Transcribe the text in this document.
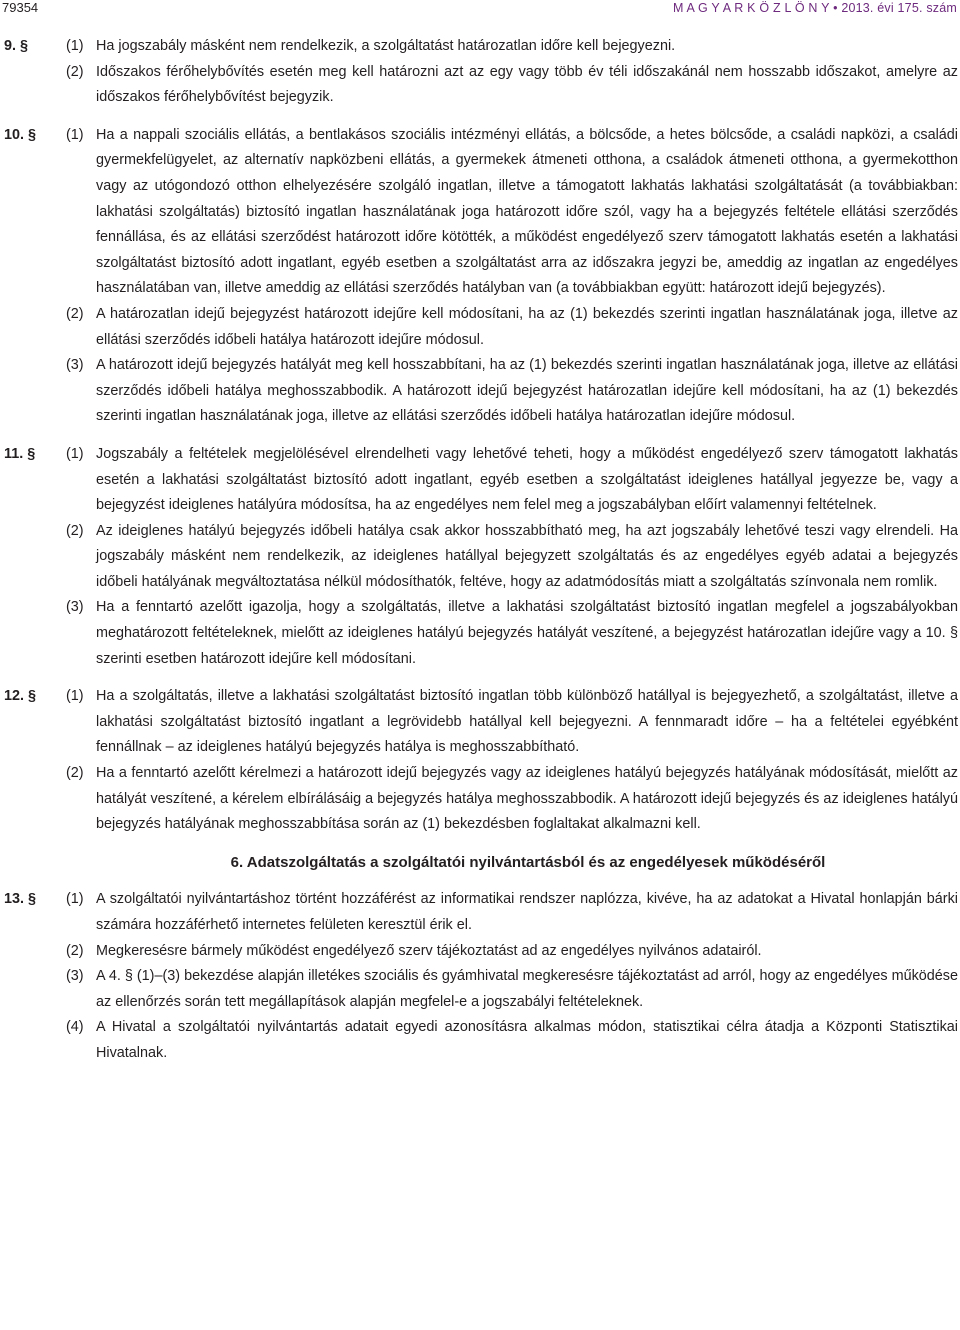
79354	M A G Y A R K Ö Z L Ö N Y • 2013. évi 175. szám
9. §	(1) Ha jogszabály másként nem rendelkezik, a szolgáltatást határozatlan időre kell bejegyezni.
(2) Időszakos férőhelybővítés esetén meg kell határozni azt az egy vagy több év téli időszakánál nem hosszabb időszakot, amelyre az időszakos férőhelybővítést bejegyzik.
10. § (1) Ha a nappali szociális ellátás, a bentlakásos szociális intézményi ellátás, a bölcsőde, a hetes bölcsőde, a családi napközi, a családi gyermekfelügyelet, az alternatív napközbeni ellátás, a gyermekek átmeneti otthona, a családok átmeneti otthona, a gyermekotthon vagy az utógondozó otthon elhelyezésére szolgáló ingatlan, illetve a támogatott lakhatás lakhatási szolgáltatását (a továbbiakban: lakhatási szolgáltatás) biztosító ingatlan használatának joga határozott időre szól, vagy ha a bejegyzés feltétele ellátási szerződés fennállása, és az ellátási szerződést határozott időre kötötték, a működést engedélyező szerv támogatott lakhatás esetén a lakhatási szolgáltatást biztosító adott ingatlant, egyéb esetben a szolgáltatást arra az időszakra jegyzi be, ameddig az ingatlan az engedélyes használatában van, illetve ameddig az ellátási szerződés hatályban van (a továbbiakban együtt: határozott idejű bejegyzés).
(2) A határozatlan idejű bejegyzést határozott idejűre kell módosítani, ha az (1) bekezdés szerinti ingatlan használatának joga, illetve az ellátási szerződés időbeli hatálya határozott idejűre módosul.
(3) A határozott idejű bejegyzés hatályát meg kell hosszabbítani, ha az (1) bekezdés szerinti ingatlan használatának joga, illetve az ellátási szerződés időbeli hatálya meghosszabbodik. A határozott idejű bejegyzést határozatlan idejűre kell módosítani, ha az (1) bekezdés szerinti ingatlan használatának joga, illetve az ellátási szerződés időbeli hatálya határozatlan idejűre módosul.
11. § (1) Jogszabály a feltételek megjelölésével elrendelheti vagy lehetővé teheti, hogy a működést engedélyező szerv támogatott lakhatás esetén a lakhatási szolgáltatást biztosító adott ingatlant, egyéb esetben a szolgáltatást ideiglenes hatállyal jegyezze be, vagy a bejegyzést ideiglenes hatályúra módosítsa, ha az engedélyes nem felel meg a jogszabályban előírt valamennyi feltételnek.
(2) Az ideiglenes hatályú bejegyzés időbeli hatálya csak akkor hosszabbítható meg, ha azt jogszabály lehetővé teszi vagy elrendeli. Ha jogszabály másként nem rendelkezik, az ideiglenes hatállyal bejegyzett szolgáltatás és az engedélyes egyéb adatai a bejegyzés időbeli hatályának megváltoztatása nélkül módosíthatók, feltéve, hogy az adatmódosítás miatt a szolgáltatás színvonala nem romlik.
(3) Ha a fenntartó azelőtt igazolja, hogy a szolgáltatás, illetve a lakhatási szolgáltatást biztosító ingatlan megfelel a jogszabályokban meghatározott feltételeknek, mielőtt az ideiglenes hatályú bejegyzés hatályát veszítené, a bejegyzést határozatlan idejűre vagy a 10. § szerinti esetben határozott idejűre kell módosítani.
12. § (1) Ha a szolgáltatás, illetve a lakhatási szolgáltatást biztosító ingatlan több különböző hatállyal is bejegyezhető, a szolgáltatást, illetve a lakhatási szolgáltatást biztosító ingatlant a legrövidebb hatállyal kell bejegyezni. A fennmaradt időre – ha a feltételei egyébként fennállnak – az ideiglenes hatályú bejegyzés hatálya is meghosszabbítható.
(2) Ha a fenntartó azelőtt kérelmezi a határozott idejű bejegyzés vagy az ideiglenes hatályú bejegyzés hatályának módosítását, mielőtt az hatályát veszítené, a kérelem elbírálásáig a bejegyzés hatálya meghosszabbodik. A határozott idejű bejegyzés és az ideiglenes hatályú bejegyzés hatályának meghosszabbítása során az (1) bekezdésben foglaltakat alkalmazni kell.
6. Adatszolgáltatás a szolgáltatói nyilvántartásból és az engedélyesek működéséről
13. § (1) A szolgáltatói nyilvántartáshoz történt hozzáférést az informatikai rendszer naplózza, kivéve, ha az adatokat a Hivatal honlapján bárki számára hozzáférhető internetes felületen keresztül érik el.
(2) Megkeresésre bármely működést engedélyező szerv tájékoztatást ad az engedélyes nyilvános adatairól.
(3) A 4. § (1)–(3) bekezdése alapján illetékes szociális és gyámhivatal megkeresésre tájékoztatást ad arról, hogy az engedélyes működése az ellenőrzés során tett megállapítások alapján megfelel-e a jogszabályi feltételeknek.
(4) A Hivatal a szolgáltatói nyilvántartás adatait egyedi azonosításra alkalmas módon, statisztikai célra átadja a Központi Statisztikai Hivatalnak.
